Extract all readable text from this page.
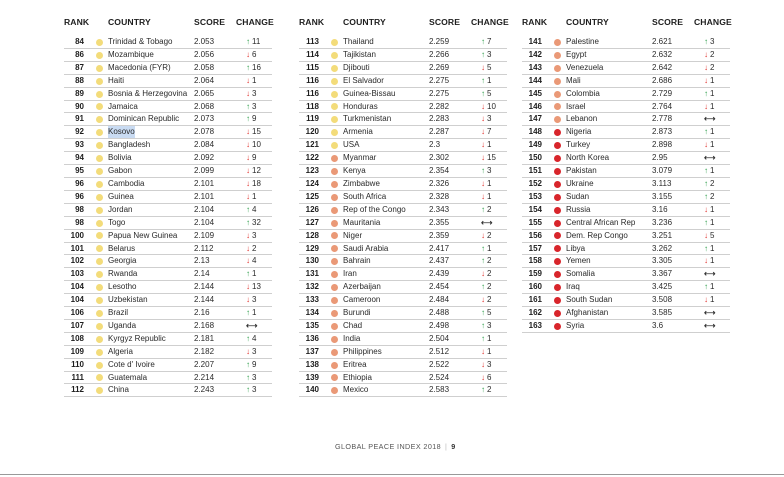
RANK COUNTRY	SCORE CHANGE
84	Trinidad & Tobago	2.053	↑ 11
86	Mozambique	2.056	↓ 6
87	Macedonia (FYR)	2.058	↑ 16
88	Haiti	2.064	↓ 1
89	Bosnia & Herzegovina 2.065	↓ 3
90	Jamaica	2.068	↑ 3
91	Dominican Republic 2.073	↑ 9
92	Kosovo	2.078	↓ 15
93	Bangladesh	2.084	↓ 10
94	Bolivia	2.092	↓ 9
95	Gabon	2.099	↓ 12
96	Cambodia	2.101	↓ 18
96	Guinea	2.101	↓ 1
98	Jordan	2.104	↑ 4
98	Togo	2.104	↑ 32
100	Papua New Guinea 2.109	↓ 3
101	Belarus	2.112	↓ 2
102	Georgia	2.13	↓ 4
103	Rwanda	2.14	↑ 1
104	Lesotho	2.144	↓ 13
104	Uzbekistan	2.144	↓ 3
106	Brazil	2.16	↑ 1
107	Uganda	2.168	⟷
108	Kyrgyz Republic	2.181	↑ 4
109	Algeria	2.182	↓ 3
110	Cote d' Ivoire	2.207	↑ 9
111	Guatemala	2.214	↑ 3
112	China	2.243	↑ 3
RANK COUNTRY	SCORE CHANGE
113	Thailand	2.259	↑ 7
114	Tajikistan	2.266	↑ 3
115	Djibouti	2.269	↓ 5
116	El Salvador	2.275	↑ 1
116	Guinea-Bissau	2.275	↑ 5
118	Honduras	2.282	↓ 10
119	Turkmenistan	2.283	↓ 3
120	Armenia	2.287	↓ 7
121	USA	2.3	↓ 1
122	Myanmar	2.302	↓ 15
123	Kenya	2.354	↑ 3
124	Zimbabwe	2.326	↓ 1
125	South Africa	2.328	↓ 1
126	Rep of the Congo	2.343	↑ 2
127	Mauritania	2.355	⟷
128	Niger	2.359	↓ 2
129	Saudi Arabia	2.417	↑ 1
130	Bahrain	2.437	↑ 2
131	Iran	2.439	↓ 2
132	Azerbaijan	2.454	↑ 2
133	Cameroon	2.484	↓ 2
134	Burundi	2.488	↑ 5
135	Chad	2.498	↑ 3
136	India	2.504	↑ 1
137	Philippines	2.512	↓ 1
138	Eritrea	2.522	↓ 3
139	Ethiopia	2.524	↓ 6
140	Mexico	2.583	↑ 2
RANK COUNTRY	SCORE CHANGE
141	Palestine	2.621	↑ 3
142	Egypt	2.632	↓ 2
143	Venezuela	2.642	↓ 2
144	Mali	2.686	↓ 1
145	Colombia	2.729	↑ 1
146	Israel	2.764	↓ 1
147	Lebanon	2.778	⟷
148	Nigeria	2.873	↑ 1
149	Turkey	2.898	↓ 1
150	North Korea	2.95	⟷
151	Pakistan	3.079	↑ 1
152	Ukraine	3.113	↑ 2
153	Sudan	3.155	↑ 2
154	Russia	3.16	↓ 1
155	Central African Rep 3.236	↑ 1
156	Dem. Rep Congo	3.251	↓ 5
157	Libya	3.262	↑ 1
158	Yemen	3.305	↓ 1
159	Somalia	3.367	⟷
160	Iraq	3.425	↑ 1
161	South Sudan	3.508	↓ 1
162	Afghanistan	3.585	⟷
163	Syria	3.6	⟷
GLOBAL PEACE INDEX 2018 | 9
